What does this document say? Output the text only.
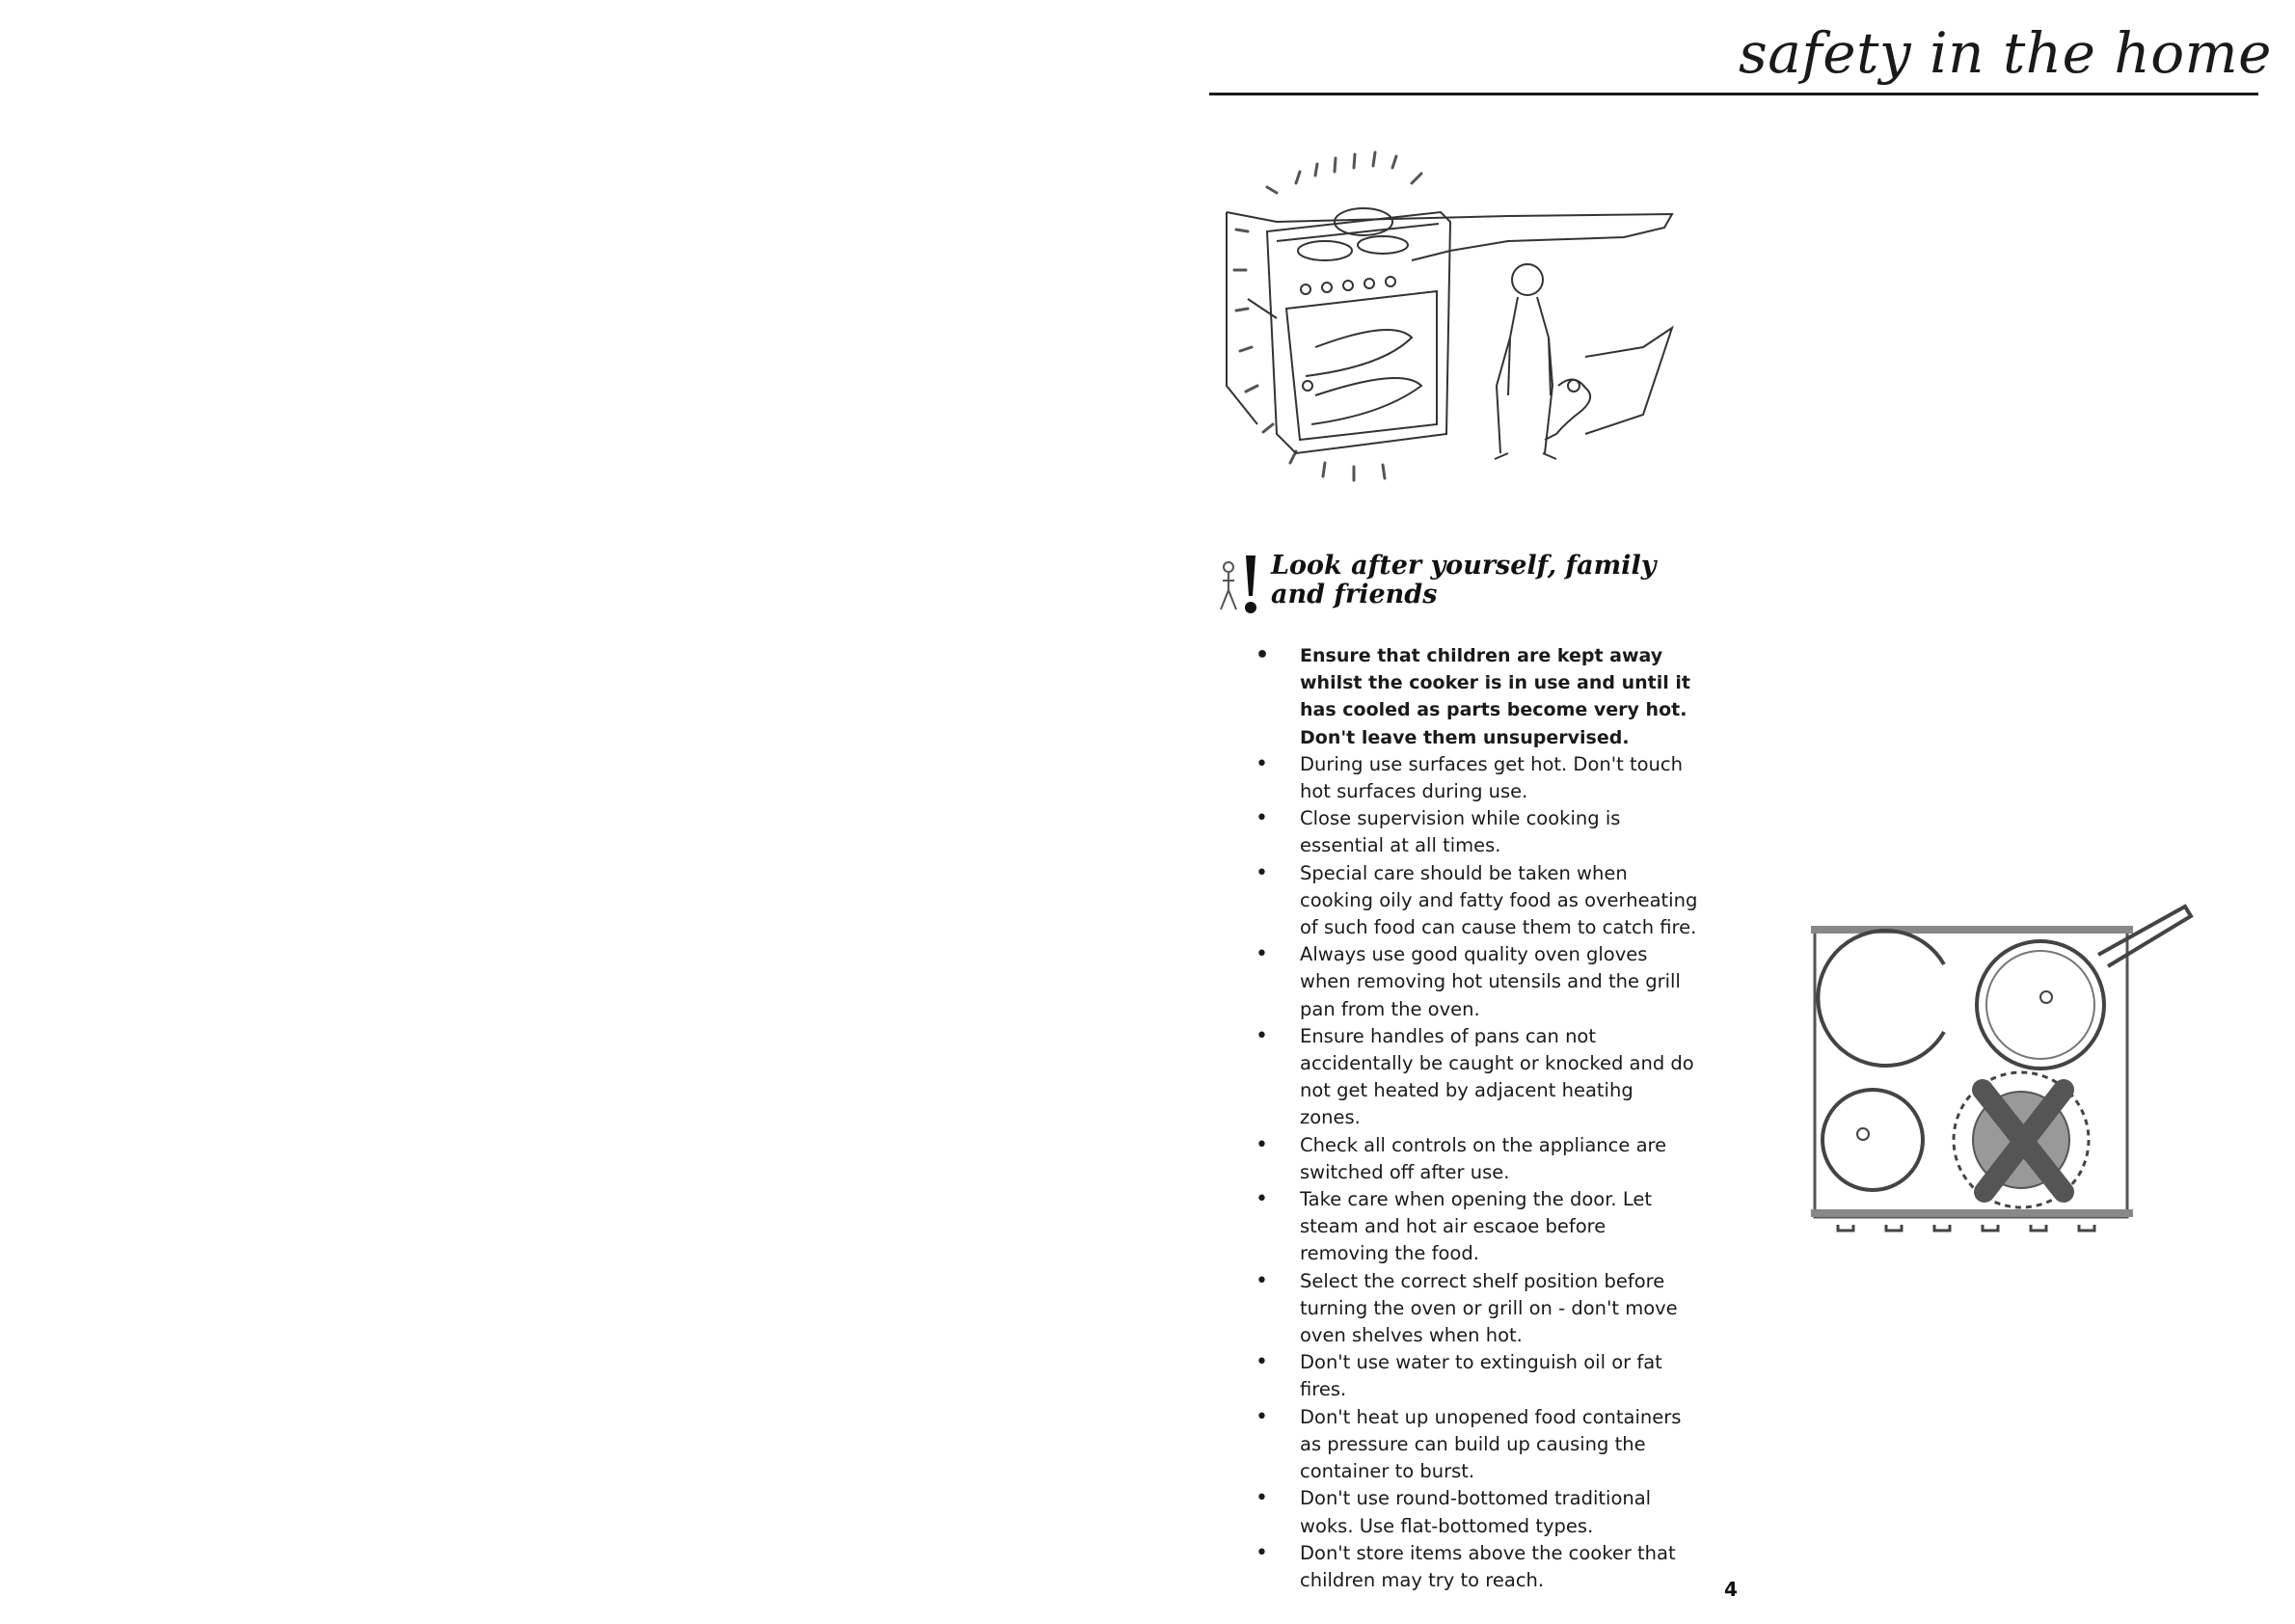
safety in the home
Look after yourself, family and friends
• Ensure that children are kept away whilst the cooker is in use and until it has cooled as parts become very hot. Don't leave them unsupervised.
• During use surfaces get hot. Don't touch hot surfaces during use.
• Close supervision while cooking is essential at all times.
• Special care should be taken when cooking oily and fatty food as overheating of such food can cause them to catch fire.
• Always use good quality oven gloves when removing hot utensils and the grill pan from the oven.
• Ensure handles of pans can not accidentally be caught or knocked and do not get heated by adjacent heatihg zones.
• Check all controls on the appliance are switched off after use.
• Take care when opening the door. Let steam and hot air escaoe before removing the food.
• Select the correct shelf position before turning the oven or grill on - don't move oven shelves when hot.
• Don't use water to extinguish oil or fat fires.
• Don't heat up unopened food containers as pressure can build up causing the container to burst.
• Don't use round-bottomed traditional woks. Use flat-bottomed types.
• Don't store items above the cooker that children may try to reach.	4
